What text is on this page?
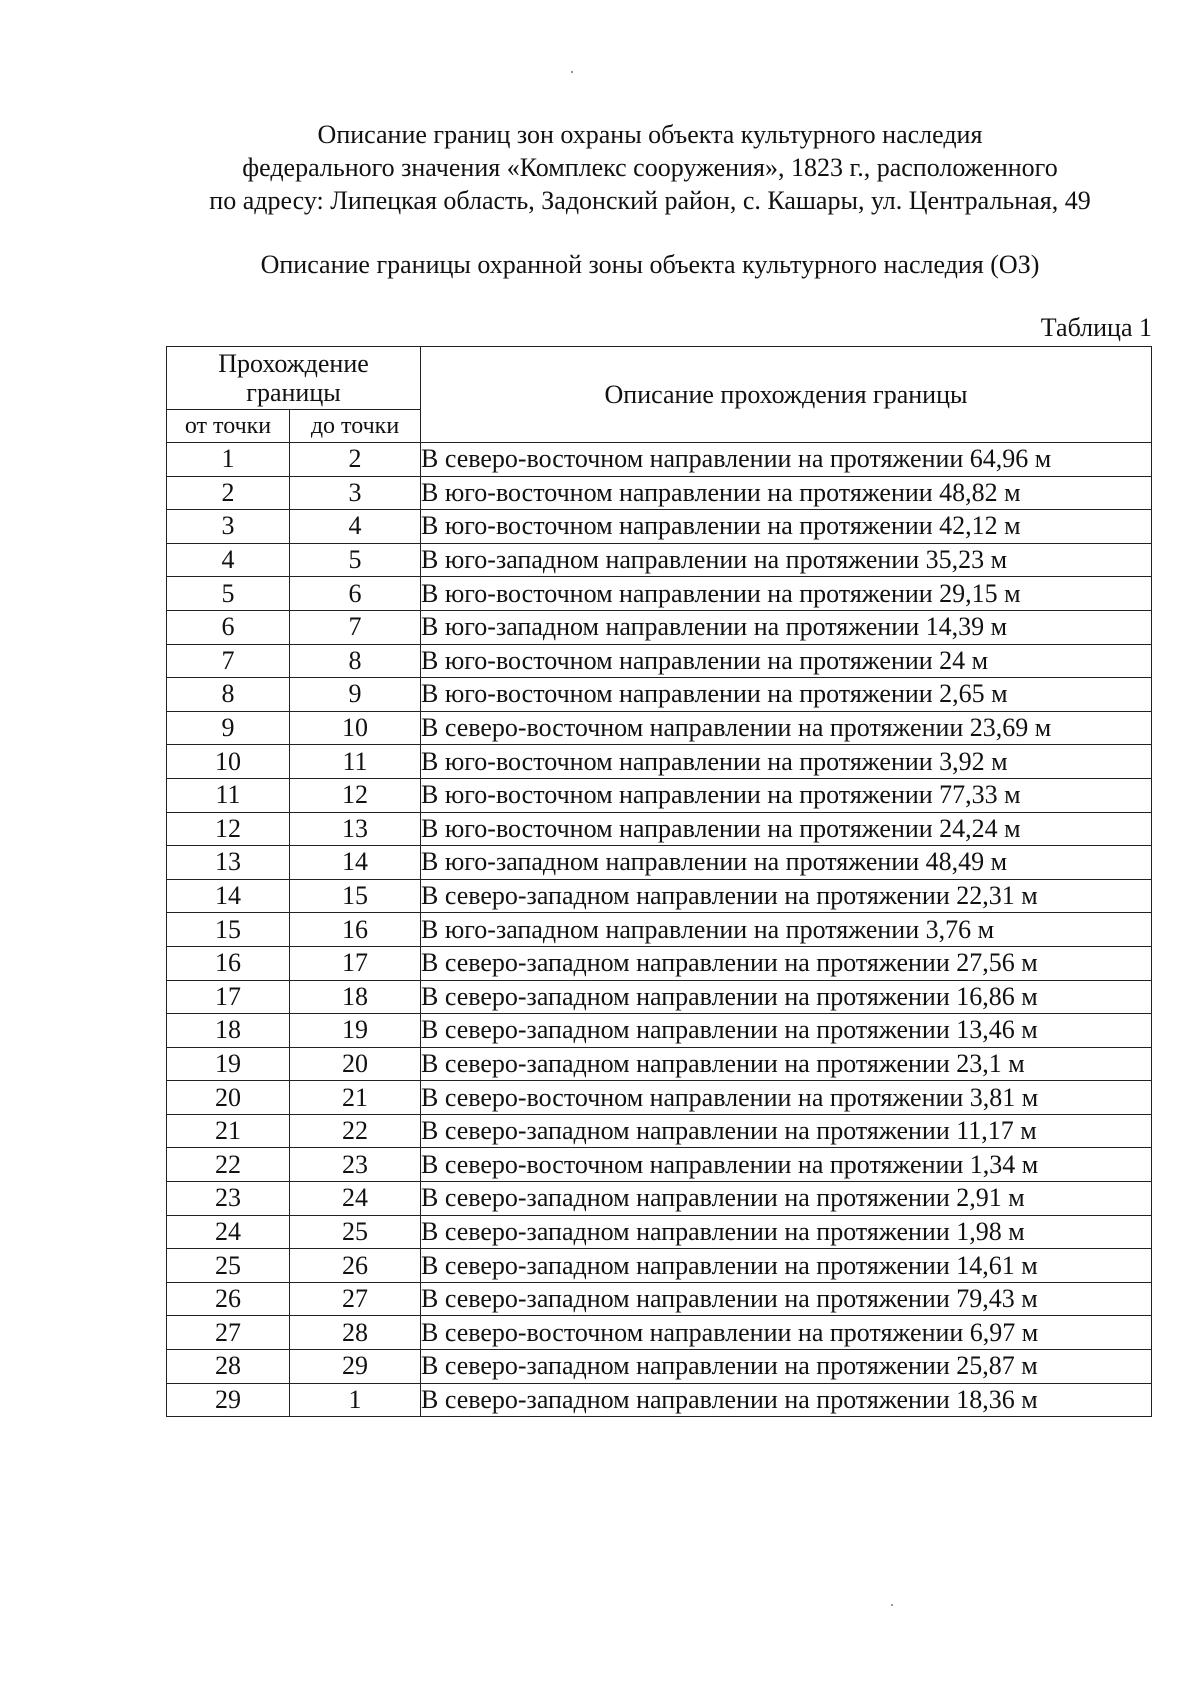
Описание границ зон охраны объекта культурного наследия
федерального значения «Комплекс сооружения», 1823 г., расположенного
по адресу: Липецкая область, Задонский район, с. Кашары, ул. Центральная, 49
Описание границы охранной зоны объекта культурного наследия (ОЗ)
Таблица 1
Прохождение границы		Описание прохождения границы
от точки	до точки	
1	2	В северо-восточном направлении на протяжении 64,96 м
2	3	В юго-восточном направлении на протяжении 48,82 м
3	4	В юго-восточном направлении на протяжении 42,12 м
4	5	В юго-западном направлении на протяжении 35,23 м
5	6	В юго-восточном направлении на протяжении 29,15 м
6	7	В юго-западном направлении на протяжении 14,39 м
7	8	В юго-восточном направлении на протяжении 24 м
8	9	В юго-восточном направлении на протяжении 2,65 м
9	10	В северо-восточном направлении на протяжении 23,69 м
10	11	В юго-восточном направлении на протяжении 3,92 м
11	12	В юго-восточном направлении на протяжении 77,33 м
12	13	В юго-восточном направлении на протяжении 24,24 м
13	14	В юго-западном направлении на протяжении 48,49 м
14	15	В северо-западном направлении на протяжении 22,31 м
15	16	В юго-западном направлении на протяжении 3,76 м
16	17	В северо-западном направлении на протяжении 27,56 м
17	18	В северо-западном направлении на протяжении 16,86 м
18	19	В северо-западном направлении на протяжении 13,46 м
19	20	В северо-западном направлении на протяжении 23,1 м
20	21	В северо-восточном направлении на протяжении 3,81 м
21	22	В северо-западном направлении на протяжении 11,17 м
22	23	В северо-восточном направлении на протяжении 1,34 м
23	24	В северо-западном направлении на протяжении 2,91 м
24	25	В северо-западном направлении на протяжении 1,98 м
25	26	В северо-западном направлении на протяжении 14,61 м
26	27	В северо-западном направлении на протяжении 79,43 м
27	28	В северо-восточном направлении на протяжении 6,97 м
28	29	В северо-западном направлении на протяжении 25,87 м
29	1	В северо-западном направлении на протяжении 18,36 м
